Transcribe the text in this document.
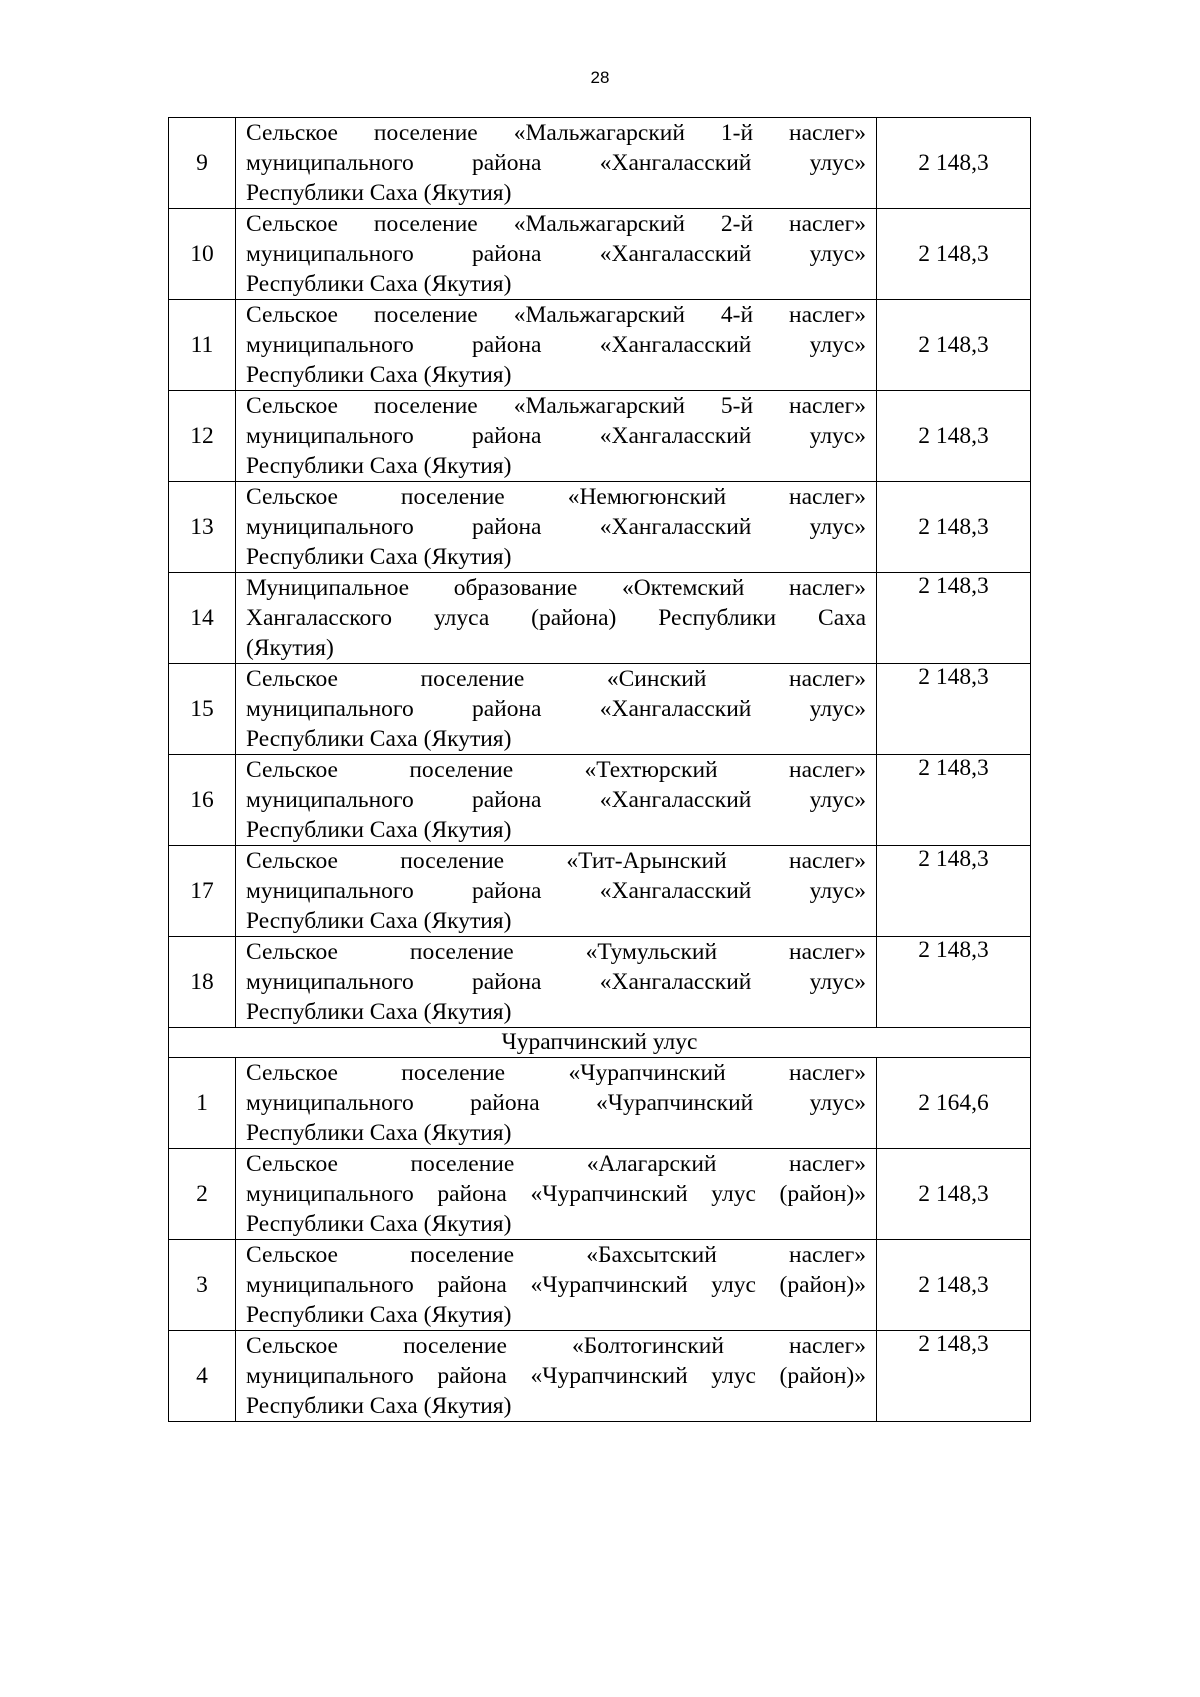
28
9	Сельское поселение «Мальжагарский 1-й наслег»
муниципального района «Хангаласский улус»
Республики Саха (Якутия)	2 148,3
10	Сельское поселение «Мальжагарский 2-й наслег»
муниципального района «Хангаласский улус»
Республики Саха (Якутия)	2 148,3
11	Сельское поселение «Мальжагарский 4-й наслег»
муниципального района «Хангаласский улус»
Республики Саха (Якутия)	2 148,3
12	Сельское поселение «Мальжагарский 5-й наслег»
муниципального района «Хангаласский улус»
Республики Саха (Якутия)	2 148,3
13	Сельское поселение «Немюгюнский наслег»
муниципального района «Хангаласский улус»
Республики Саха (Якутия)	2 148,3
14	Муниципальное образование «Октемский наслег»
Хангаласского улуса (района) Республики Саха
(Якутия)	2 148,3
15	Сельское поселение «Синский наслег»
муниципального района «Хангаласский улус»
Республики Саха (Якутия)	2 148,3
16	Сельское поселение «Техтюрский наслег»
муниципального района «Хангаласский улус»
Республики Саха (Якутия)	2 148,3
17	Сельское поселение «Тит-Арынский наслег»
муниципального района «Хангаласский улус»
Республики Саха (Якутия)	2 148,3
18	Сельское поселение «Тумульский наслег»
муниципального района «Хангаласский улус»
Республики Саха (Якутия)	2 148,3
Чурапчинский улус		
1	Сельское поселение «Чурапчинский наслег»
муниципального района «Чурапчинский улус»
Республики Саха (Якутия)	2 164,6
2	Сельское поселение «Алагарский наслег»
муниципального района «Чурапчинский улус (район)»
Республики Саха (Якутия)	2 148,3
3	Сельское поселение «Бахсытский наслег»
муниципального района «Чурапчинский улус (район)»
Республики Саха (Якутия)	2 148,3
4	Сельское поселение «Болтогинский наслег»
муниципального района «Чурапчинский улус (район)»
Республики Саха (Якутия)	2 148,3
